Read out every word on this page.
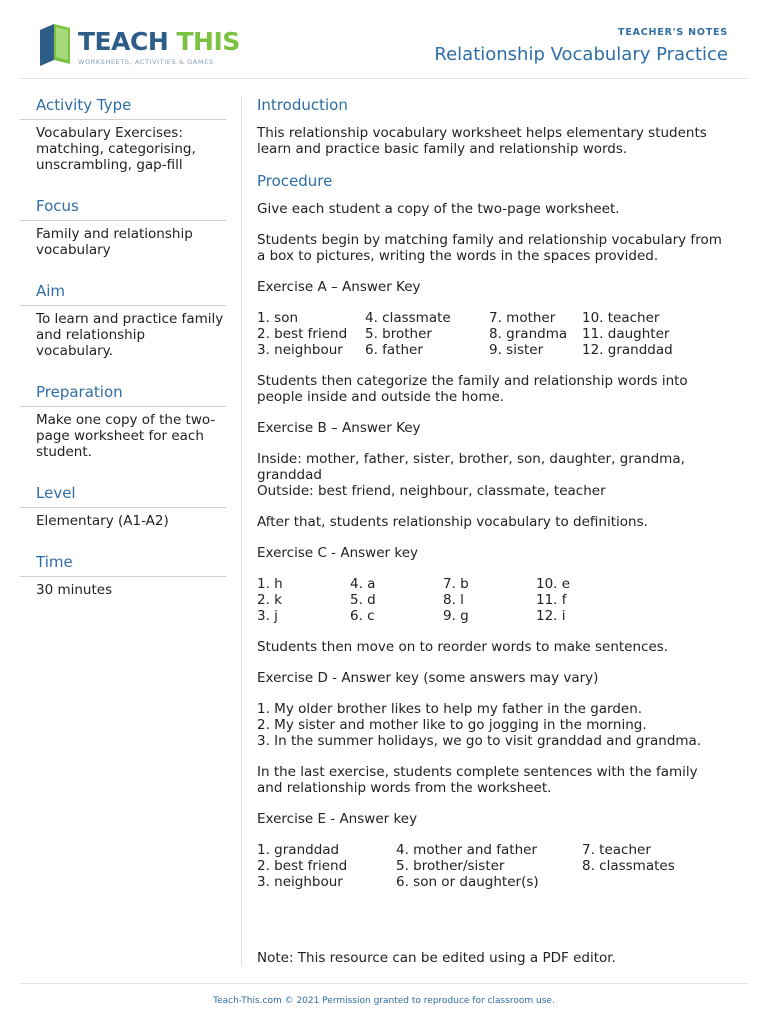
TEACH THIS
WORKSHEETS, ACTIVITIES & GAMES
TEACHER'S NOTES
Relationship Vocabulary Practice
Activity Type
Vocabulary Exercises: matching, categorising, unscrambling, gap-fill
Focus
Family and relationship vocabulary
Aim
To learn and practice family and relationship vocabulary.
Preparation
Make one copy of the two-page worksheet for each student.
Level
Elementary (A1-A2)
Time
30 minutes
Introduction

This relationship vocabulary worksheet helps elementary students learn and practice basic family and relationship words.

Procedure

Give each student a copy of the two-page worksheet.

Students begin by matching family and relationship vocabulary from a box to pictures, writing the words in the spaces provided.

Exercise A – Answer Key

1. son	4. classmate	7. mother	10. teacher
2. best friend	5. brother	8. grandma	11. daughter
3. neighbour	6. father	9. sister	12. granddad

Students then categorize the family and relationship words into people inside and outside the home.

Exercise B – Answer Key

Inside: mother, father, sister, brother, son, daughter, grandma, granddad
Outside: best friend, neighbour, classmate, teacher

After that, students relationship vocabulary to definitions.

Exercise C - Answer key

1. h	4. a	7. b	10. e
2. k	5. d	8. l	11. f
3. j	6. c	9. g	12. i

Students then move on to reorder words to make sentences.

Exercise D - Answer key (some answers may vary)

1. My older brother likes to help my father in the garden.
2. My sister and mother like to go jogging in the morning.
3. In the summer holidays, we go to visit granddad and grandma.

In the last exercise, students complete sentences with the family and relationship words from the worksheet.

Exercise E - Answer key

1. granddad	4. mother and father	7. teacher
2. best friend	5. brother/sister	8. classmates
3. neighbour	6. son or daughter(s)
Note: This resource can be edited using a PDF editor.
Teach-This.com © 2021 Permission granted to reproduce for classroom use.
